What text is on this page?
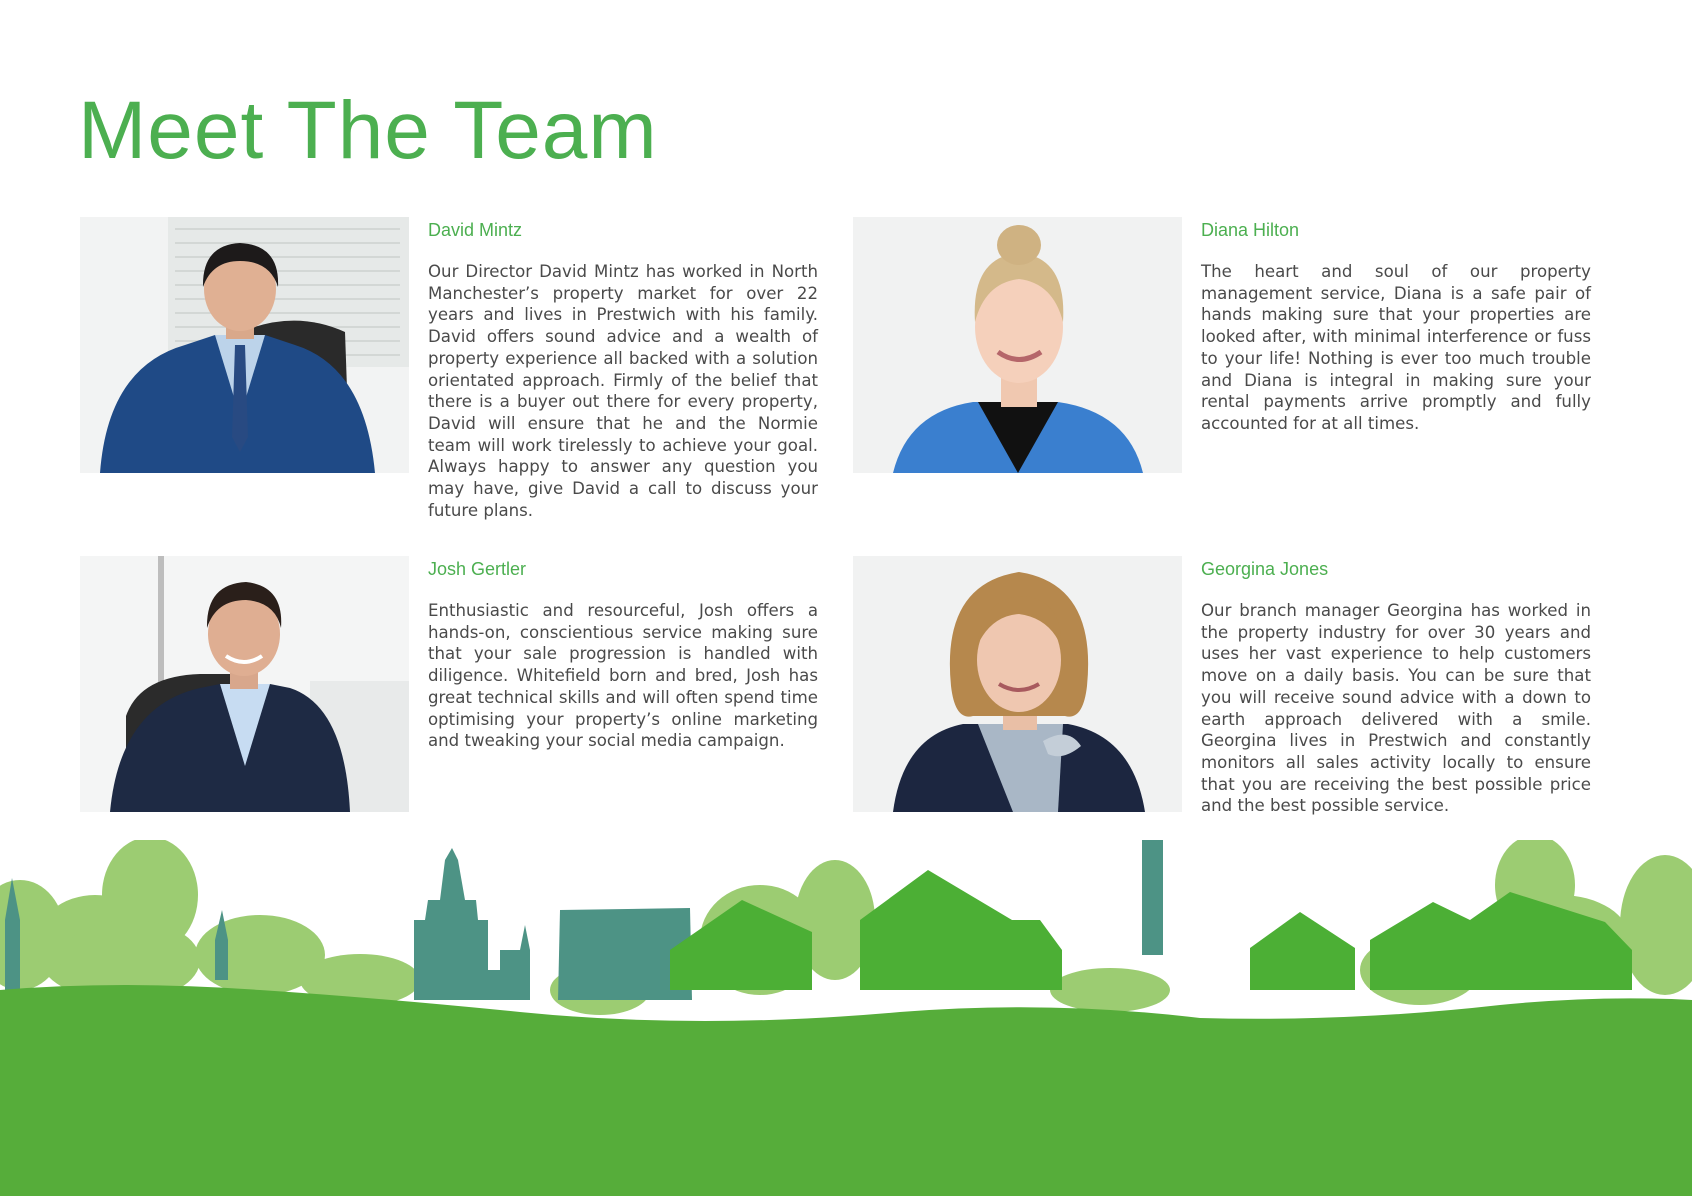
Meet The Team
David Mintz

Our Director David Mintz has worked in North Manchester’s property market for over 22 years and lives in Prestwich with his family. David offers sound advice and a wealth of property experience all backed with a solution orientated approach. Firmly of the belief that there is a buyer out there for every property, David will ensure that he and the Normie team will work tirelessly to achieve your goal. Always happy to answer any question you may have, give David a call to discuss your future plans.

Diana Hilton

The heart and soul of our property management service, Diana is a safe pair of hands making sure that your properties are looked after, with minimal interference or fuss to your life! Nothing is ever too much trouble and Diana is integral in making sure your rental payments arrive promptly and fully accounted for at all times.

Josh Gertler

Enthusiastic and resourceful, Josh offers a hands-on, conscientious service making sure that your sale progression is handled with diligence. Whitefield born and bred, Josh has great technical skills and will often spend time optimising your property’s online marketing and tweaking your social media campaign.

Georgina Jones

Our branch manager Georgina has worked in the property industry for over 30 years and uses her vast experience to help customers move on a daily basis. You can be sure that you will receive sound advice with a down to earth approach delivered with a smile. Georgina lives in Prestwich and constantly monitors all sales activity locally to ensure that you are receiving the best possible price and the best possible service.
